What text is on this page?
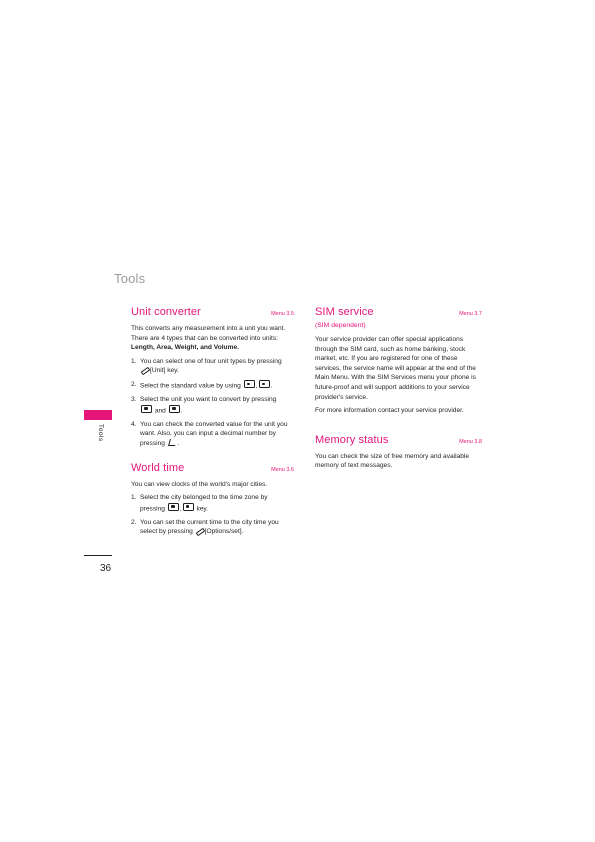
Tools
Tools
36
Unit converter	Menu 3.5

This converts any measurement into a unit you want. There are 4 types that can be converted into units:
Length, Area, Weight, and Volume.

1. You can select one of four unit types by pressing
[Unit] key.
2. Select the standard value by using , .
3. Select the unit you want to convert by pressing
and .
4. You can check the converted value for the unit you want. Also, you can input a decimal number by pressing .
World time	Menu 3.6

You can view clocks of the world's major cities.

1. Select the city belonged to the time zone by pressing , key.
2. You can set the current time to the city time you select by pressing [Options/set].
SIM service	Menu 3.7
(SIM dependent)

Your service provider can offer special applications through the SIM card, such as home banking, stock market, etc. If you are registered for one of these services, the service name will appear at the end of the Main Menu. With the SIM Services menu your phone is future-proof and will support additions to your service provider's service.

For more information contact your service provider.

Memory status	Menu 3.8

You can check the size of free memory and available memory of text messages.
